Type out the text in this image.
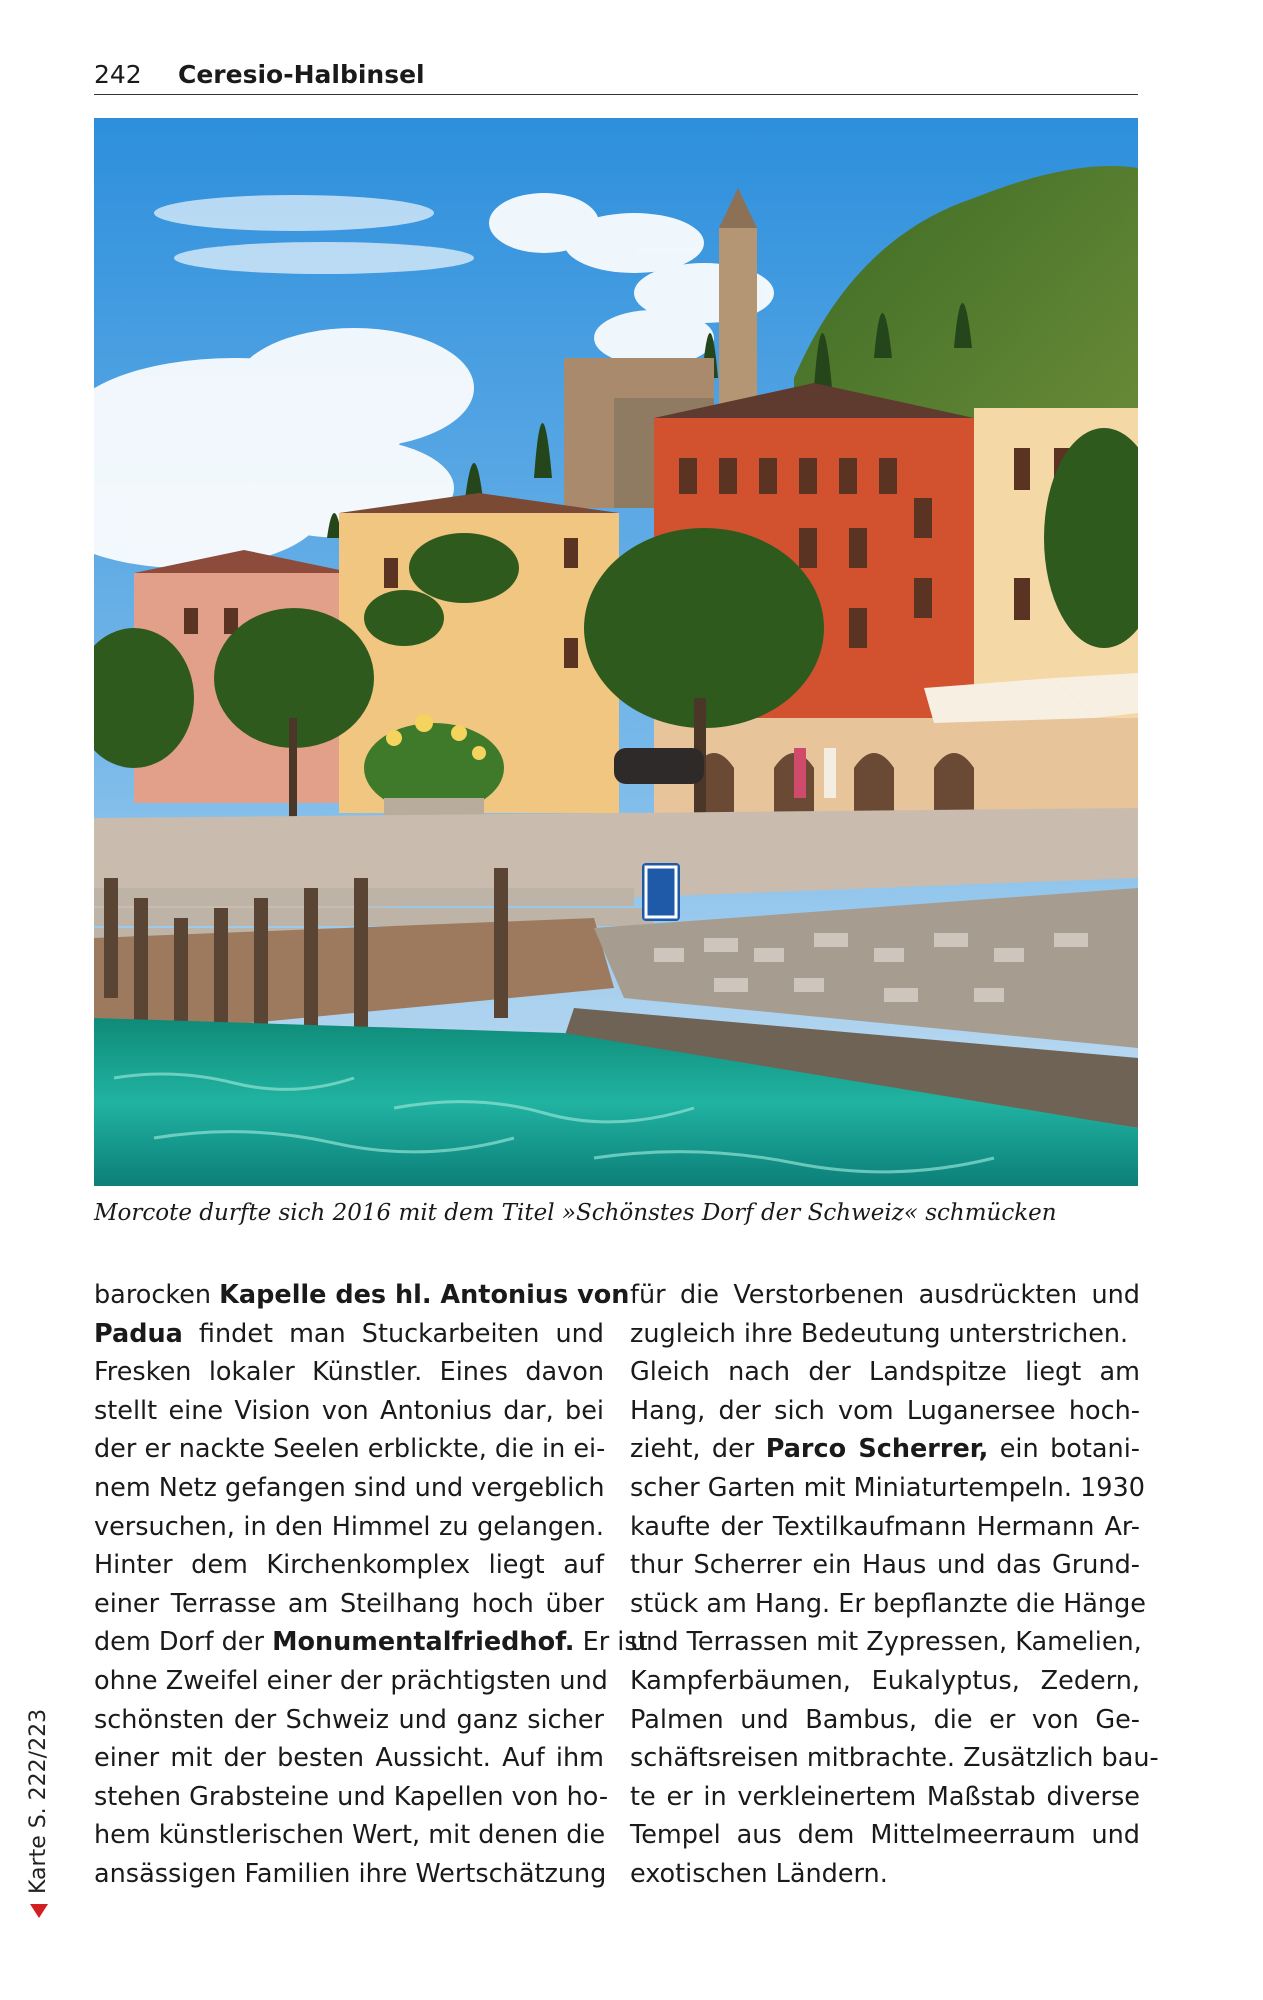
242 Ceresio-Halbinsel
Morcote durfte sich 2016 mit dem Titel »Schönstes Dorf der Schweiz« schmücken
barocken Kapelle des hl. Antonius von
Padua findet man Stuckarbeiten und
Fresken lokaler Künstler. Eines davon
stellt eine Vision von Antonius dar, bei
der er nackte Seelen erblickte, die in ei-
nem Netz gefangen sind und vergeblich
versuchen, in den Himmel zu gelangen.
Hinter dem Kirchenkomplex liegt auf
einer Terrasse am Steilhang hoch über
dem Dorf der Monumentalfriedhof. Er ist
ohne Zweifel einer der prächtigsten und
schönsten der Schweiz und ganz sicher
einer mit der besten Aussicht. Auf ihm
stehen Grabsteine und Kapellen von ho-
hem künstlerischen Wert, mit denen die
ansässigen Familien ihre Wertschätzung
für die Verstorbenen ausdrückten und
zugleich ihre Bedeutung unterstrichen.
Gleich nach der Landspitze liegt am
Hang, der sich vom Luganersee hoch-
zieht, der Parco Scherrer, ein botani-
scher Garten mit Miniaturtempeln. 1930
kaufte der Textilkaufmann Hermann Ar-
thur Scherrer ein Haus und das Grund-
stück am Hang. Er bepflanzte die Hänge
und Terrassen mit Zypressen, Kamelien,
Kampferbäumen, Eukalyptus, Zedern,
Palmen und Bambus, die er von Ge-
schäftsreisen mitbrachte. Zusätzlich bau-
te er in verkleinertem Maßstab diverse
Tempel aus dem Mittelmeerraum und
exotischen Ländern.
Karte S. 222/223
